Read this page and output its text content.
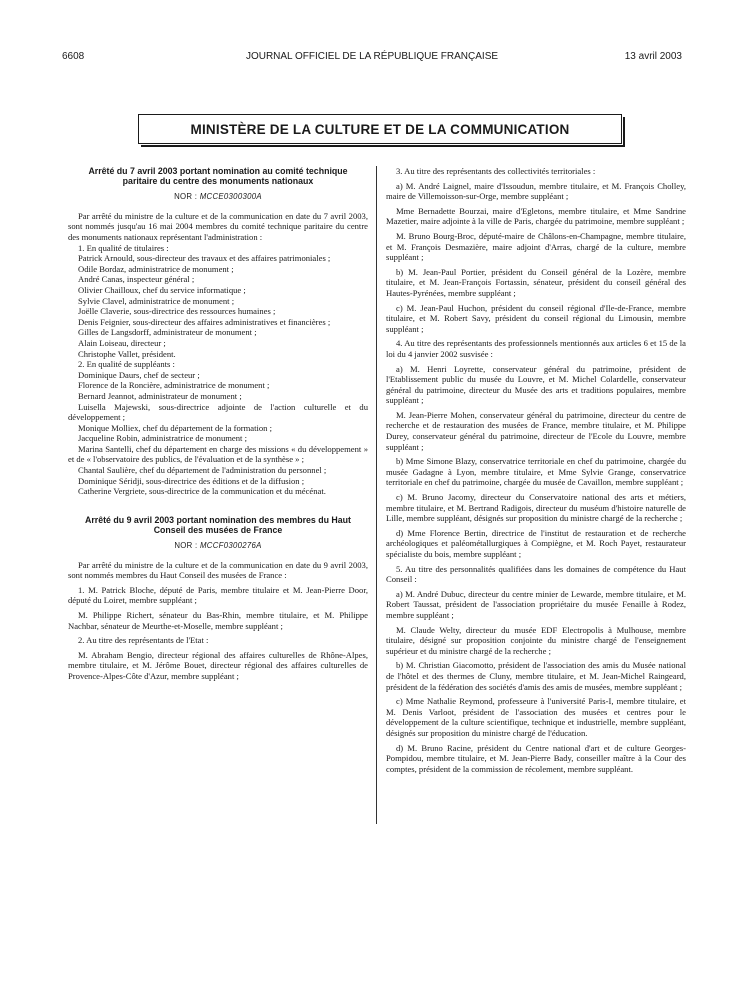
6608	JOURNAL OFFICIEL DE LA RÉPUBLIQUE FRANÇAISE	13 avril 2003
MINISTÈRE DE LA CULTURE ET DE LA COMMUNICATION
Arrêté du 7 avril 2003 portant nomination au comité technique paritaire du centre des monuments nationaux
NOR : MCCE0300300A

Par arrêté du ministre de la culture et de la communication en date du 7 avril 2003, sont nommés jusqu'au 16 mai 2004 membres du comité technique paritaire du centre des monuments nationaux représentant l'administration :

1. En qualité de titulaires :

Patrick Arnould, sous-directeur des travaux et des affaires patrimoniales ;

Odile Bordaz, administratrice de monument ;

André Canas, inspecteur général ;

Olivier Chailloux, chef du service informatique ;

Sylvie Clavel, administratrice de monument ;

Joëlle Claverie, sous-directrice des ressources humaines ;

Denis Feignier, sous-directeur des affaires administratives et financières ;

Gilles de Langsdorff, administrateur de monument ;

Alain Loiseau, directeur ;

Christophe Vallet, président.

2. En qualité de suppléants :

Dominique Daurs, chef de secteur ;

Florence de la Roncière, administratrice de monument ;

Bernard Jeannot, administrateur de monument ;

Luisella Majewski, sous-directrice adjointe de l'action culturelle et du développement ;

Monique Molliex, chef du département de la formation ;

Jacqueline Robin, administratrice de monument ;

Marina Santelli, chef du département en charge des missions « du développement » et de « l'observatoire des publics, de l'évaluation et de la synthèse » ;

Chantal Saulière, chef du département de l'administration du personnel ;

Dominique Séridji, sous-directrice des éditions et de la diffusion ;

Catherine Vergriete, sous-directrice de la communication et du mécénat.

Arrêté du 9 avril 2003 portant nomination des membres du Haut Conseil des musées de France
NOR : MCCF0300276A

Par arrêté du ministre de la culture et de la communication en date du 9 avril 2003, sont nommés membres du Haut Conseil des musées de France :

1. M. Patrick Bloche, député de Paris, membre titulaire et M. Jean-Pierre Door, député du Loiret, membre suppléant ;

M. Philippe Richert, sénateur du Bas-Rhin, membre titulaire, et M. Philippe Nachbar, sénateur de Meurthe-et-Moselle, membre suppléant ;

2. Au titre des représentants de l'Etat :

M. Abraham Bengio, directeur régional des affaires culturelles de Rhône-Alpes, membre titulaire, et M. Jérôme Bouet, directeur régional des affaires culturelles de Provence-Alpes-Côte d'Azur, membre suppléant ;

3. Au titre des représentants des collectivités territoriales :

a) M. André Laignel, maire d'Issoudun, membre titulaire, et M. François Cholley, maire de Villemoisson-sur-Orge, membre suppléant ;

Mme Bernadette Bourzai, maire d'Egletons, membre titulaire, et Mme Sandrine Mazetier, maire adjointe à la ville de Paris, chargée du patrimoine, membre suppléant ;

M. Bruno Bourg-Broc, député-maire de Châlons-en-Champagne, membre titulaire, et M. François Desmazière, maire adjoint d'Arras, chargé de la culture, membre suppléant ;

b) M. Jean-Paul Portier, président du Conseil général de la Lozère, membre titulaire, et M. Jean-François Fortassin, sénateur, président du conseil général des Hautes-Pyrénées, membre suppléant ;

c) M. Jean-Paul Huchon, président du conseil régional d'Ile-de-France, membre titulaire, et M. Robert Savy, président du conseil régional du Limousin, membre suppléant ;

4. Au titre des représentants des professionnels mentionnés aux articles 6 et 15 de la loi du 4 janvier 2002 susvisée :

a) M. Henri Loyrette, conservateur général du patrimoine, président de l'Etablissement public du musée du Louvre, et M. Michel Colardelle, conservateur général du patrimoine, directeur du Musée des arts et traditions populaires, membre suppléant ;

M. Jean-Pierre Mohen, conservateur général du patrimoine, directeur du centre de recherche et de restauration des musées de France, membre titulaire, et M. Philippe Durey, conservateur général du patrimoine, directeur de l'Ecole du Louvre, membre suppléant ;

b) Mme Simone Blazy, conservatrice territoriale en chef du patrimoine, chargée du musée Gadagne à Lyon, membre titulaire, et Mme Sylvie Grange, conservatrice territoriale en chef du patrimoine, chargée du musée de Cavaillon, membre suppléant ;

c) M. Bruno Jacomy, directeur du Conservatoire national des arts et métiers, membre titulaire, et M. Bertrand Radigois, directeur du muséum d'histoire naturelle de Lille, membre suppléant, désignés sur proposition du ministre chargé de la recherche ;

d) Mme Florence Bertin, directrice de l'institut de restauration et de recherche archéologiques et paléométallurgiques à Compiègne, et M. Roch Payet, restaurateur spécialiste du bois, membre suppléant ;

5. Au titre des personnalités qualifiées dans les domaines de compétence du Haut Conseil :

a) M. André Dubuc, directeur du centre minier de Lewarde, membre titulaire, et M. Robert Taussat, président de l'association propriétaire du musée Fenaille à Rodez, membre suppléant ;

M. Claude Welty, directeur du musée EDF Electropolis à Mulhouse, membre titulaire, désigné sur proposition conjointe du ministre chargé de l'enseignement supérieur et du ministre chargé de la recherche ;

b) M. Christian Giacomotto, président de l'association des amis du Musée national de l'hôtel et des thermes de Cluny, membre titulaire, et M. Jean-Michel Raingeard, président de la fédération des sociétés d'amis des amis de musées, membre suppléant ;

c) Mme Nathalie Reymond, professeure à l'université Paris-I, membre titulaire, et M. Denis Varloot, président de l'association des musées et centres pour le développement de la culture scientifique, technique et industrielle, membre suppléant, désignés sur proposition du ministre chargé de l'éducation.

d) M. Bruno Racine, président du Centre national d'art et de culture Georges-Pompidou, membre titulaire, et M. Jean-Pierre Bady, conseiller maître à la Cour des comptes, président de la commission de récolement, membre suppléant.
